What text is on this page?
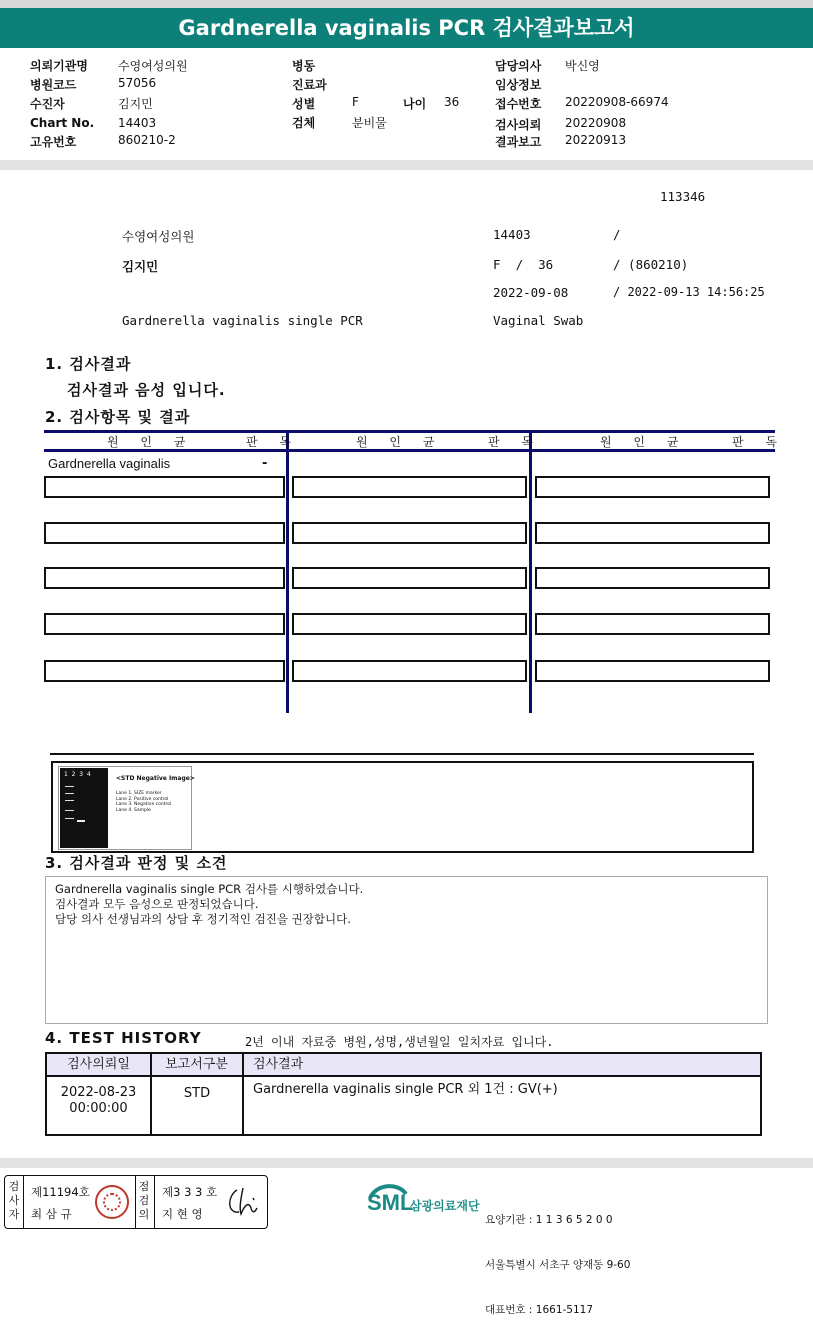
Gardnerella vaginalis PCR 검사결과보고서
의뢰기관명	수영여성의원
병원코드	57056
수진자	김지민
Chart No. 14403
고유번호	860210-2
병동
진료과
성별	F	나이 36
검체	분비물
담당의사 박신영
임상정보
접수번호 20220908-66974
검사의뢰 20220908
결과보고 20220913
113346
수영여성의원	14403	/
김지민	F  /  36	/ (860210)
2022-09-08	/ 2022-09-13 14:56:25
Gardnerella vaginalis single PCR	Vaginal Swab
1. 검사결과
검사결과 음성 입니다.
2. 검사항목 및 결과
원 인 균	판 독	원 인 균	판 독	원 인 균	판 독
Gardnerella vaginalis	-
1  2  3  4
<STD Negative Image>
Lane 1. SIZE marker
Lane 2. Positive control
Lane 3. Negative control
Lane 4. Sample
3. 검사결과 판정 및 소견
Gardnerella vaginalis single PCR 검사를 시행하였습니다.
검사결과 모두 음성으로 판정되었습니다.
담당 의사 선생님과의 상담 후 정기적인 검진을 권장합니다.
4. TEST HISTORY	2년 이내 자료중 병원,성명,생년월일 일치자료 입니다.
검사의뢰일	보고서구분	검사결과
2022-08-23
00:00:00
STD	Gardnerella vaginalis single PCR 외 1건 : GV(+)
검사자
제11194호
최 삼 규
점검의
제3 3 3 호
지 현 영	SML
삼광의료재단

요양기관 : 1 1 3 6 5 2 0 0

서울특별시 서초구 양재동 9-60

대표번호 : 1661-5117
